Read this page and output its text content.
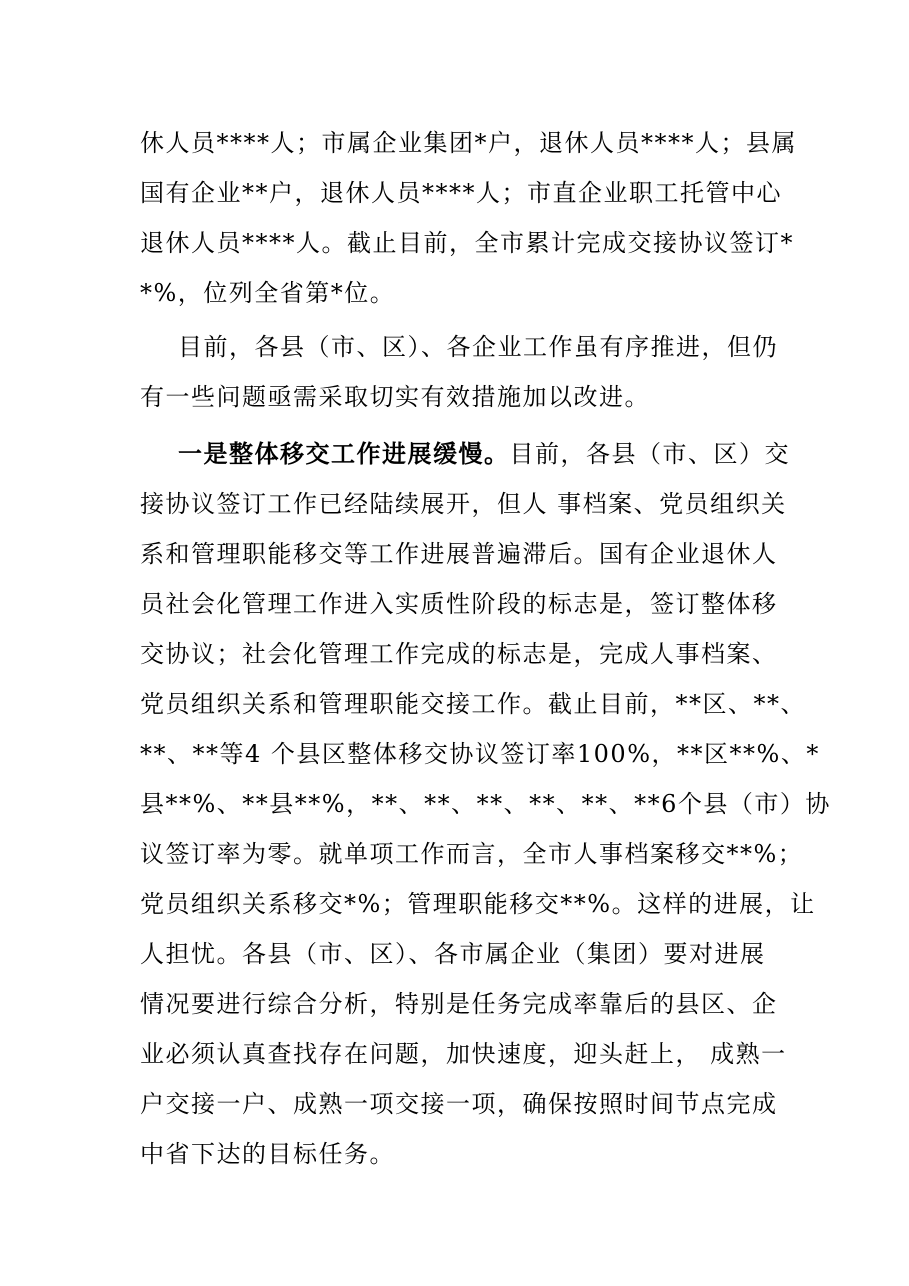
休人员****人；市属企业集团*户，退休人员****人；县属
国有企业**户，退休人员****人；市直企业职工托管中心
退休人员****人。截止目前，全市累计完成交接协议签订*
*%，位列全省第*位。
目前，各县（市、区）、各企业工作虽有序推进，但仍
有一些问题亟需采取切实有效措施加以改进。
一是整体移交工作进展缓慢。目前，各县（市、区）交
接协议签订工作已经陆续展开，但人 事档案、党员组织关
系和管理职能移交等工作进展普遍滞后。国有企业退休人
员社会化管理工作进入实质性阶段的标志是，签订整体移
交协议；社会化管理工作完成的标志是，完成人事档案、
党员组织关系和管理职能交接工作。截止目前，**区、**、
**、**等4 个县区整体移交协议签订率100%，**区**%、*
县**%、**县**%，**、**、**、**、**、**6个县（市）协
议签订率为零。就单项工作而言，全市人事档案移交**%；
党员组织关系移交*%；管理职能移交**%。这样的进展，让
人担忧。各县（市、区）、各市属企业（集团）要对进展
情况要进行综合分析，特别是任务完成率靠后的县区、企
业必须认真查找存在问题，加快速度，迎头赶上， 成熟一
户交接一户、成熟一项交接一项，确保按照时间节点完成
中省下达的目标任务。
